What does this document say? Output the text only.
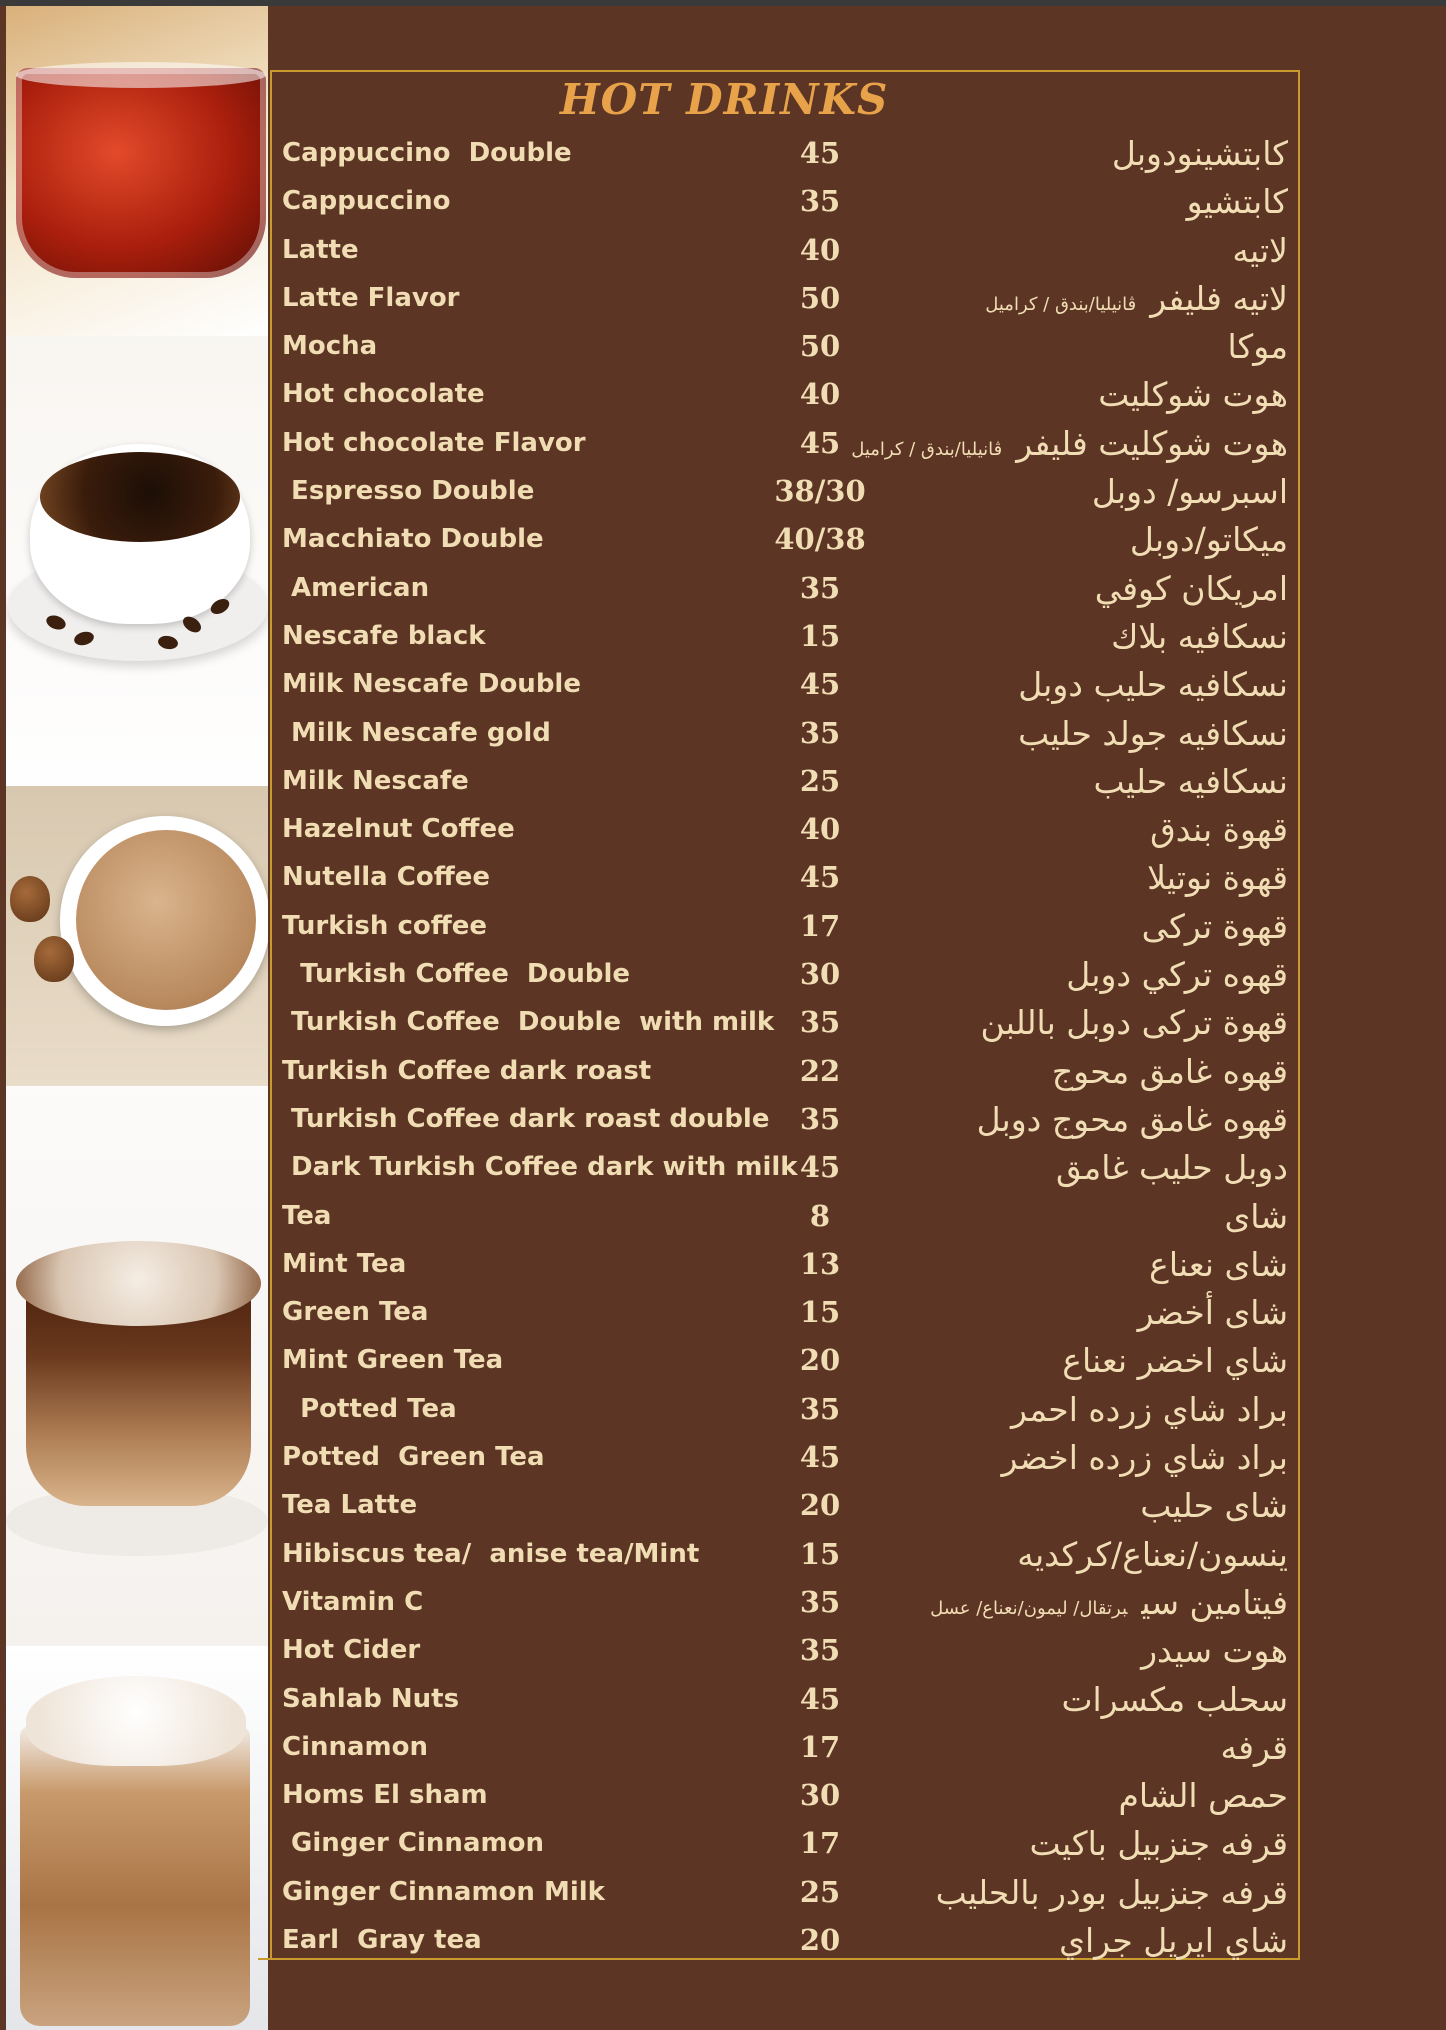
HOT DRINKS
Cappuccino  Double	45	كابتشينودوبل
Cappuccino	35	كابتشيو
Latte	40	لاتيه
Latte Flavor	50	لاتيه فليفرڤانيليا/بندق / كراميل
Mocha	50	موكا
Hot chocolate	40	هوت شوكليت
Hot chocolate Flavor	45	هوت شوكليت فليفرڤانيليا/بندق / كراميل
Espresso Double	38/30	اسبرسو/ دوبل
Macchiato Double	40/38	ميكاتو/دوبل
American	35	امريكان كوفي
Nescafe black	15	نسكافيه بلاك
Milk Nescafe Double	45	نسكافيه حليب دوبل
Milk Nescafe gold	35	نسكافيه جولد حليب
Milk Nescafe	25	نسكافيه حليب
Hazelnut Coffee	40	قهوة بندق
Nutella Coffee	45	قهوة نوتيلا
Turkish coffee	17	قهوة تركى
Turkish Coffee  Double	30	قهوه تركي دوبل
Turkish Coffee  Double  with milk 35	قهوة تركى دوبل باللبن
Turkish Coffee dark roast	22	قهوه غامق محوج
Turkish Coffee dark roast double	35	قهوه غامق محوج دوبل
Dark Turkish Coffee dark with milk 45	دوبل حليب غامق
Tea	8	شاى
Mint Tea	13	شاى نعناع
Green Tea	15	شاى أخضر
Mint Green Tea	20	شاي اخضر نعناع
Potted Tea	35	براد شاي زرده احمر
Potted  Green Tea	45	براد شاي زرده اخضر
Tea Latte	20	شاى حليب
Hibiscus tea/  anise tea/Mint	15	ينسون/نعناع/كركديه
Vitamin C	35	فيتامين سيبرتقال/ ليمون/نعناع/ عسل
Hot Cider	35	هوت سيدر
Sahlab Nuts	45	سحلب مكسرات
Cinnamon	17	قرفه
Homs El sham	30	حمص الشام
Ginger Cinnamon	17	قرفه جنزبيل باكيت
Ginger Cinnamon Milk	25	قرفه جنزبيل بودر بالحليب
Earl  Gray tea	20	شاي ايريل جراي
